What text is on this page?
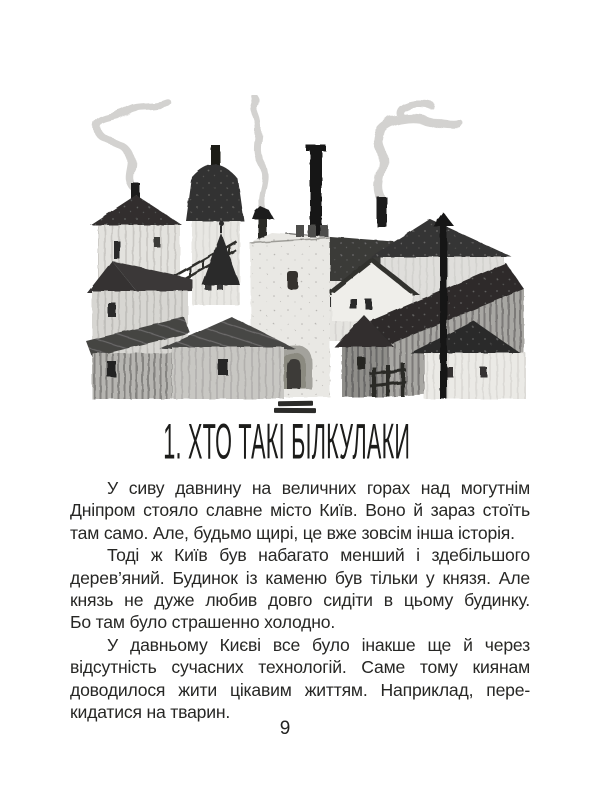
1. ХТО ТАКІ БІЛКУЛАКИ
У сиву давнину на величних горах над могутнім
Дніпром стояло славне місто Київ. Воно й зараз стоїть
там само. Але, будьмо щирі, це вже зовсім інша історія.
Тоді ж Київ був набагато менший і здебільшого
дерев’яний. Будинок із каменю був тільки у князя. Але
князь не дуже любив довго сидіти в цьому будинку.
Бо там було страшенно холодно.
У давньому Києві все було інакше ще й через
відсутність сучасних технологій. Саме тому киянам
доводилося жити цікавим життям. Наприклад, пере-
кидатися на тварин.
9
